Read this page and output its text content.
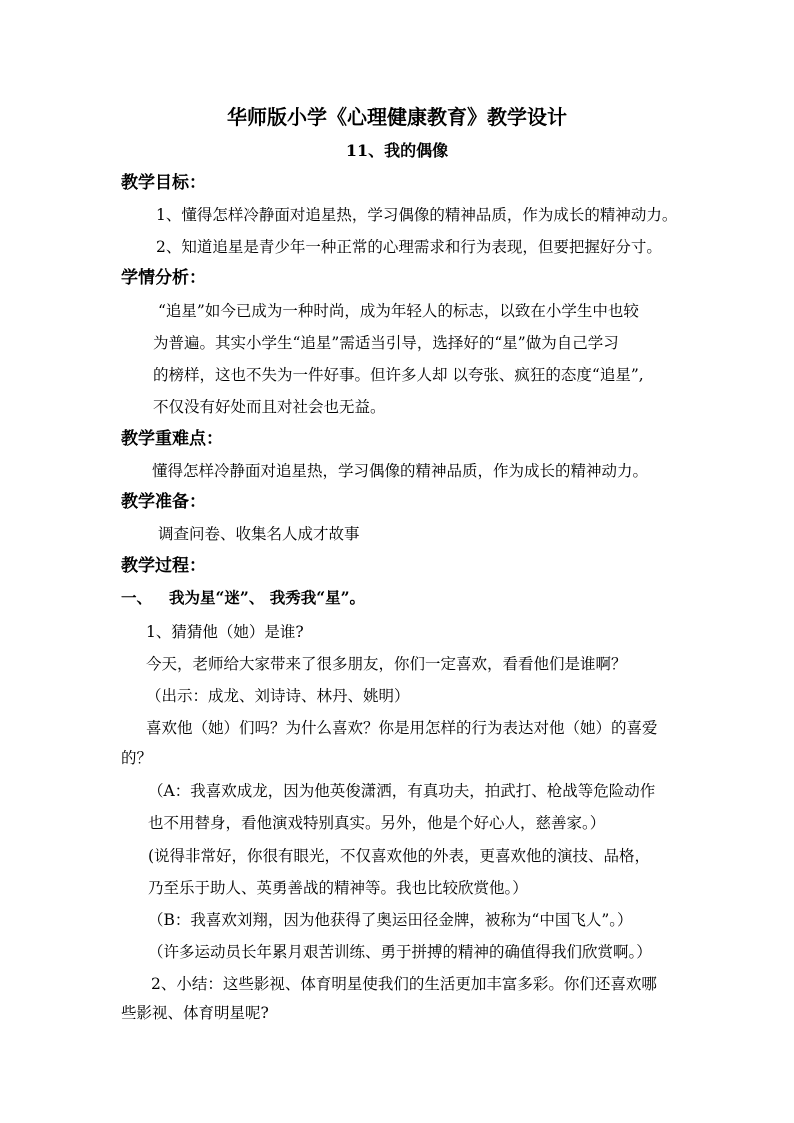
华师版小学《心理健康教育》教学设计
11、我的偶像
教学目标：
1、懂得怎样冷静面对追星热，学习偶像的精神品质，作为成长的精神动力。
2、知道追星是青少年一种正常的心理需求和行为表现，但要把握好分寸。
学情分析：
“追星”如今已成为一种时尚，成为年轻人的标志，以致在小学生中也较
为普遍。其实小学生“追星”需适当引导，选择好的“星”做为自己学习
的榜样，这也不失为一件好事。但许多人却 以夸张、疯狂的态度“追星”,
不仅没有好处而且对社会也无益。
教学重难点：
懂得怎样冷静面对追星热，学习偶像的精神品质，作为成长的精神动力。
教学准备：
调查问卷、收集名人成才故事
教学过程：
一、 我为星“迷”、 我秀我“星”。
1、猜猜他（她）是谁?
今天，老师给大家带来了很多朋友，你们一定喜欢，看看他们是谁啊？
（出示：成龙、刘诗诗、林丹、姚明）
喜欢他（她）们吗？为什么喜欢？你是用怎样的行为表达对他（她）的喜爱
的？
（A：我喜欢成龙，因为他英俊潇洒，有真功夫，拍武打、枪战等危险动作
也不用替身，看他演戏特别真实。另外，他是个好心人，慈善家。）
(说得非常好，你很有眼光，不仅喜欢他的外表，更喜欢他的演技、品格，
乃至乐于助人、英勇善战的精神等。我也比较欣赏他。）
（B：我喜欢刘翔，因为他获得了奥运田径金牌，被称为“中国飞人”。）
（许多运动员长年累月艰苦训练、勇于拼搏的精神的确值得我们欣赏啊。）
2、小结：这些影视、体育明星使我们的生活更加丰富多彩。你们还喜欢哪
些影视、体育明星呢?
